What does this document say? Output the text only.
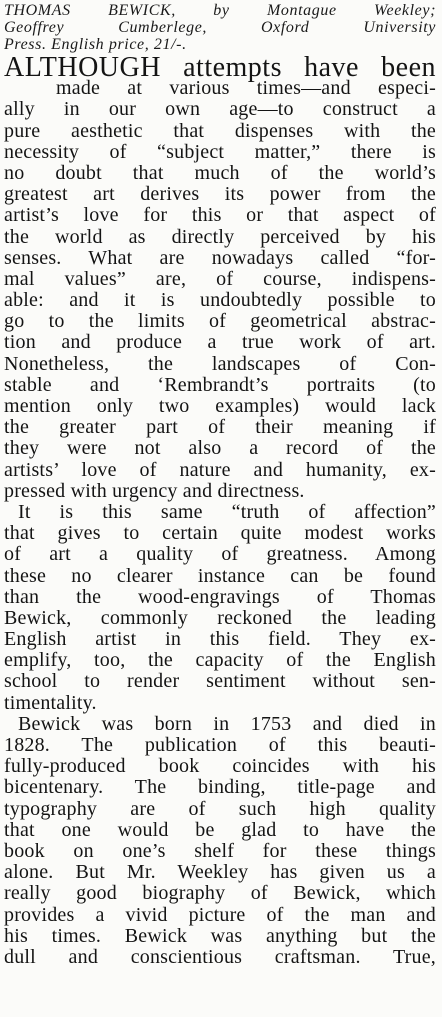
THOMAS BEWICK, by Montague Weekley;
Geoffrey Cumberlege, Oxford University
Press. English price, 21/-.
ALTHOUGH attempts have been
made at various times—and especi-
ally in our own age—to construct a
pure aesthetic that dispenses with the
necessity of “subject matter,” there is
no doubt that much of the world’s
greatest art derives its power from the
artist’s love for this or that aspect of
the world as directly perceived by his
senses. What are nowadays called “for-
mal values” are, of course, indispens-
able: and it is undoubtedly possible to
go to the limits of geometrical abstrac-
tion and produce a true work of art.
Nonetheless, the landscapes of Con-
stable and ‘Rembrandt’s portraits (to
mention only two examples) would lack
the greater part of their meaning if
they were not also a record of the
artists’ love of nature and humanity, ex-
pressed with urgency and directness.
It is this same “truth of affection”
that gives to certain quite modest works
of art a quality of greatness. Among
these no clearer instance can be found
than the wood-engravings of Thomas
Bewick, commonly reckoned the leading
English artist in this field. They ex-
emplify, too, the capacity of the English
school to render sentiment without sen-
timentality.
Bewick was born in 1753 and died in
1828. The publication of this beauti-
fully-produced book coincides with his
bicentenary. The binding, title-page and
typography are of such high quality
that one would be glad to have the
book on one’s shelf for these things
alone. But Mr. Weekley has given us a
really good biography of Bewick, which
provides a vivid picture of the man and
his times. Bewick was anything but the
dull and conscientious craftsman. True,
